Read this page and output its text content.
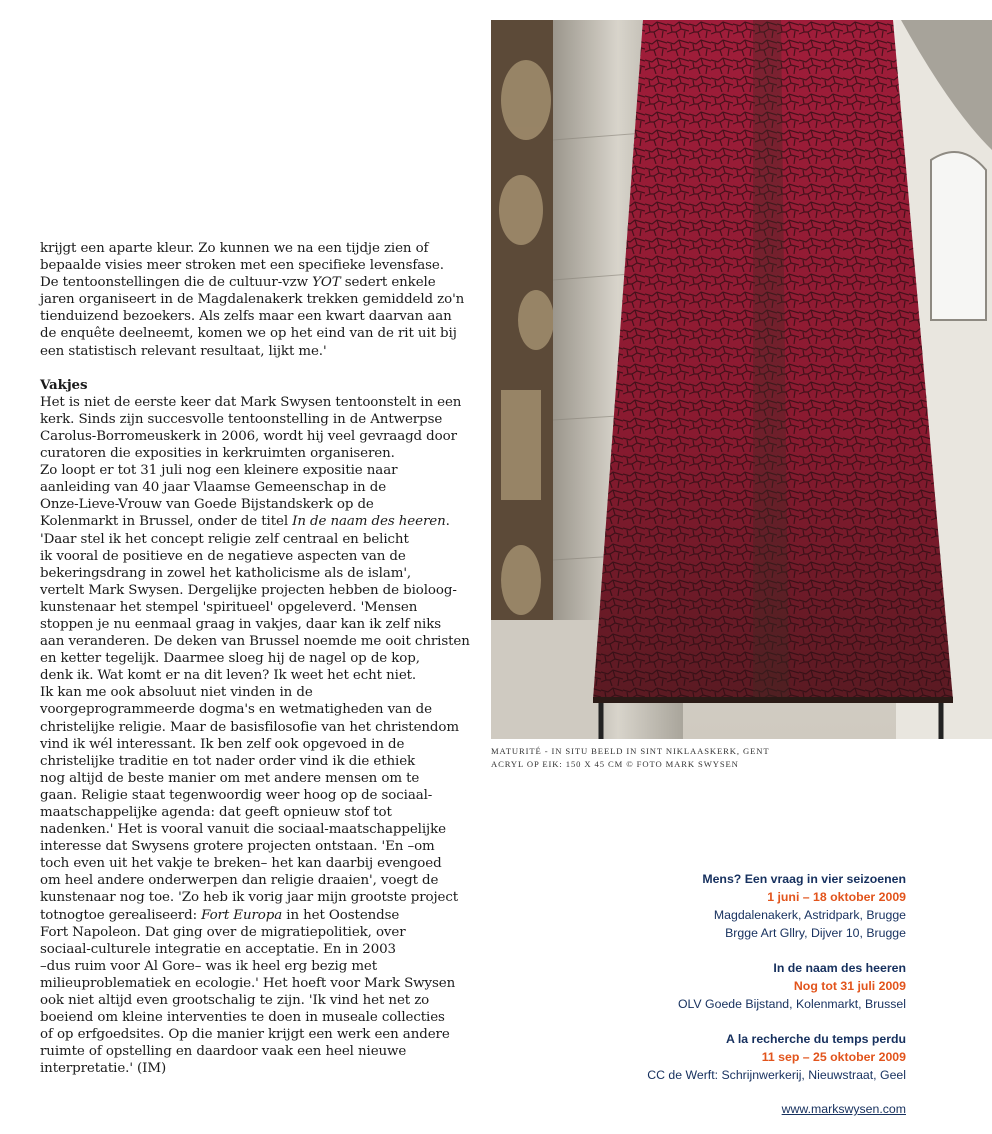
krijgt een aparte kleur. Zo kunnen we na een tijdje zien of
bepaalde visies meer stroken met een specifieke levensfase.
De tentoonstellingen die de cultuur-vzw YOT sedert enkele
jaren organiseert in de Magdalenakerk trekken gemiddeld zo'n
tienduizend bezoekers. Als zelfs maar een kwart daarvan aan
de enquête deelneemt, komen we op het eind van de rit uit bij
een statistisch relevant resultaat, lijkt me.'
Vakjes
Het is niet de eerste keer dat Mark Swysen tentoonstelt in een
kerk. Sinds zijn succesvolle tentoonstelling in de Antwerpse
Carolus-Borromeuskerk in 2006, wordt hij veel gevraagd door
curatoren die exposities in kerkruimten organiseren.
Zo loopt er tot 31 juli nog een kleinere expositie naar
aanleiding van 40 jaar Vlaamse Gemeenschap in de
Onze-Lieve-Vrouw van Goede Bijstandskerk op de
Kolenmarkt in Brussel, onder de titel In de naam des heeren.
'Daar stel ik het concept religie zelf centraal en belicht
ik vooral de positieve en de negatieve aspecten van de
bekeringsdrang in zowel het katholicisme als de islam',
vertelt Mark Swysen. Dergelijke projecten hebben de bioloog-
kunstenaar het stempel 'spiritueel' opgeleverd. 'Mensen
stoppen je nu eenmaal graag in vakjes, daar kan ik zelf niks
aan veranderen. De deken van Brussel noemde me ooit christen
en ketter tegelijk. Daarmee sloeg hij de nagel op de kop,
denk ik. Wat komt er na dit leven? Ik weet het echt niet.
Ik kan me ook absoluut niet vinden in de
voorgeprogrammeerde dogma's en wetmatigheden van de
christelijke religie. Maar de basisfilosofie van het christendom
vind ik wél interessant. Ik ben zelf ook opgevoed in de
christelijke traditie en tot nader order vind ik die ethiek
nog altijd de beste manier om met andere mensen om te
gaan. Religie staat tegenwoordig weer hoog op de sociaal-
maatschappelijke agenda: dat geeft opnieuw stof tot
nadenken.' Het is vooral vanuit die sociaal-maatschappelijke
interesse dat Swysens grotere projecten ontstaan. 'En –om
toch even uit het vakje te breken– het kan daarbij evengoed
om heel andere onderwerpen dan religie draaien', voegt de
kunstenaar nog toe. 'Zo heb ik vorig jaar mijn grootste project
totnogtoe gerealiseerd: Fort Europa in het Oostendse
Fort Napoleon. Dat ging over de migratiepolitiek, over
sociaal-culturele integratie en acceptatie. En in 2003
–dus ruim voor Al Gore– was ik heel erg bezig met
milieuproblematiek en ecologie.' Het hoeft voor Mark Swysen
ook niet altijd even grootschalig te zijn. 'Ik vind het net zo
boeiend om kleine interventies te doen in museale collecties
of op erfgoedsites. Op die manier krijgt een werk een andere
ruimte of opstelling en daardoor vaak een heel nieuwe
interpretatie.' (IM)
MATURITÉ - IN SITU BEELD IN SINT NIKLAASKERK, GENT
ACRYL OP EIK: 150 X 45 CM © FOTO MARK SWYSEN
Mens? Een vraag in vier seizoenen
1 juni – 18 oktober 2009
Magdalenakerk, Astridpark, Brugge
Brgge Art Gllry, Dijver 10, Brugge
In de naam des heeren
Nog tot 31 juli 2009
OLV Goede Bijstand, Kolenmarkt, Brussel
A la recherche du temps perdu
11 sep – 25 oktober 2009
CC de Werft: Schrijnwerkerij, Nieuwstraat, Geel
www.markswysen.com
